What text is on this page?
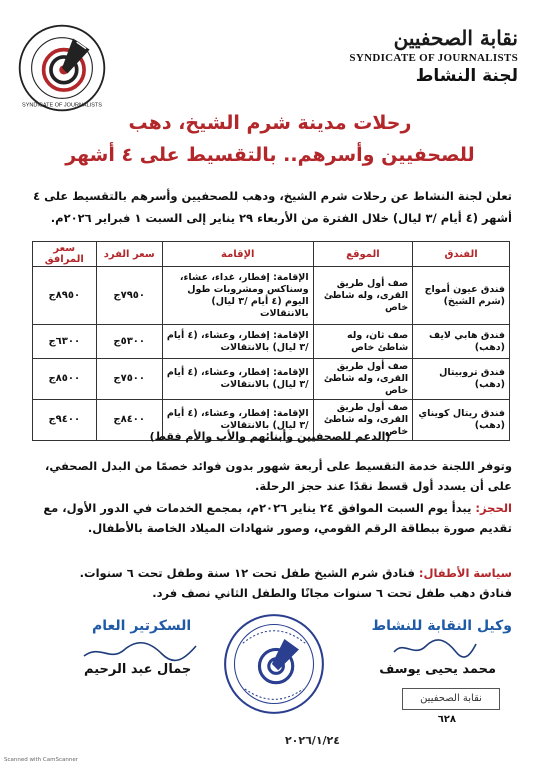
SYNDICATE OF JOURNALISTS
نقابة الصحفيين
SYNDICATE OF JOURNALISTS
لجنة النشاط
رحلات مدينة شرم الشيخ، دهب
للصحفيين وأسرهم.. بالتقسيط على ٤ أشهر
تعلن لجنة النشاط عن رحلات شرم الشيخ، ودهب للصحفيين وأسرهم بالتقسيط على ٤ أشهر (٤ أيام /٣ ليال) خلال الفترة من الأربعاء ٢٩ يناير إلى السبت ١ فبراير ٢٠٢٦م.
الفندق	الموقع	الإقامة	سعر الفرد	سعر المرافق
فندق عيون أمواج (شرم الشيخ)	صف أول طريق القرى، وله شاطئ خاص	الإقامة: إفطار، غداء، عشاء، وسناكس ومشروبات طول اليوم (٤ أيام /٣ ليال) بالانتقالات	٧٩٥٠ج	٨٩٥٠ج
فندق هابي لايف (دهب)	صف ثان، وله شاطئ خاص	الإقامة: إفطار، وعشاء، (٤ أيام /٣ ليال) بالانتقالات	٥٣٠٠ج	٦٣٠٠ج
فندق تروبيتال (دهب)	صف أول طريق القرى، وله شاطئ خاص	الإقامة: إفطار، وعشاء، (٤ أيام /٣ ليال) بالانتقالات	٧٥٠٠ج	٨٥٠٠ج
فندق ريتال كويناي (دهب)	صف أول طريق القرى، وله شاطئ خاص	الإقامة: إفطار، وعشاء، (٤ أيام /٣ ليال) بالانتقالات	٨٤٠٠ج	٩٤٠٠ج
(الدعم للصحفيين وأبنائهم والأب والأم فقط)
وتوفر اللجنة خدمة التقسيط على أربعة شهور بدون فوائد خصمًا من البدل الصحفي، على أن يسدد أول قسط نقدًا عند حجز الرحلة.
الحجز: يبدأ يوم السبت الموافق ٢٤ يناير ٢٠٢٦م، بمجمع الخدمات في الدور الأول، مع تقديم صورة ببطاقة الرقم القومي، وصور شهادات الميلاد الخاصة بالأطفال.
سياسة الأطفال: فنادق شرم الشيخ طفل تحت ١٢ سنة وطفل تحت ٦ سنوات.
فنادق دهب طفل تحت ٦ سنوات مجانًا والطفل الثاني نصف فرد.
السكرتير العام
جمال عبد الرحيم
وكيل النقابة للنشاط
محمد يحيى يوسف
نقابة الصحفيين
٦٢٨
٢٠٢٦/١/٢٤
Scanned with CamScanner
